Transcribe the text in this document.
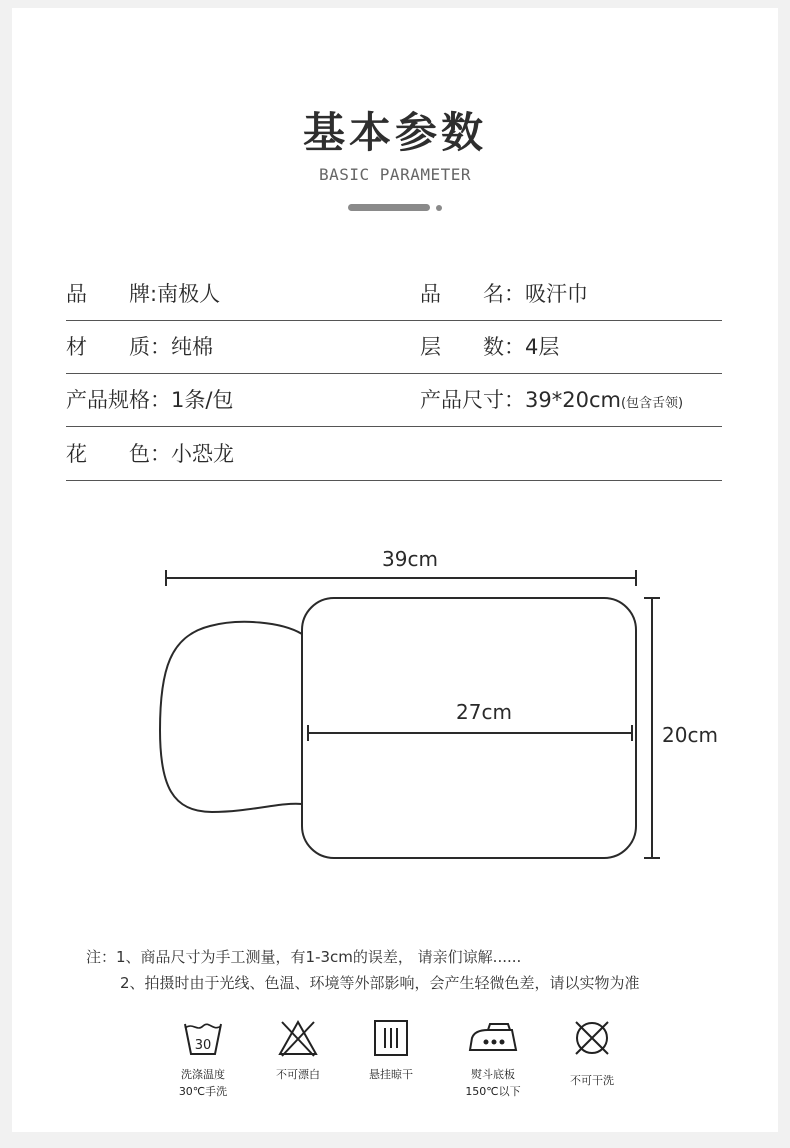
基本参数
BASIC PARAMETER
品　　牌:南极人	品　　名：吸汗巾
材　　质：纯棉	层　　数：4层
产品规格：1条/包	产品尺寸：39*20cm(包含舌领)
花　　色：小恐龙
39cm
27cm
20cm
注：1、商品尺寸为手工测量，有1-3cm的误差， 请亲们谅解......
2、拍摄时由于光线、色温、环境等外部影响，会产生轻微色差，请以实物为准
30
洗涤温度
30℃手洗
不可漂白	悬挂晾干	熨斗底板
150℃以下
不可干洗
